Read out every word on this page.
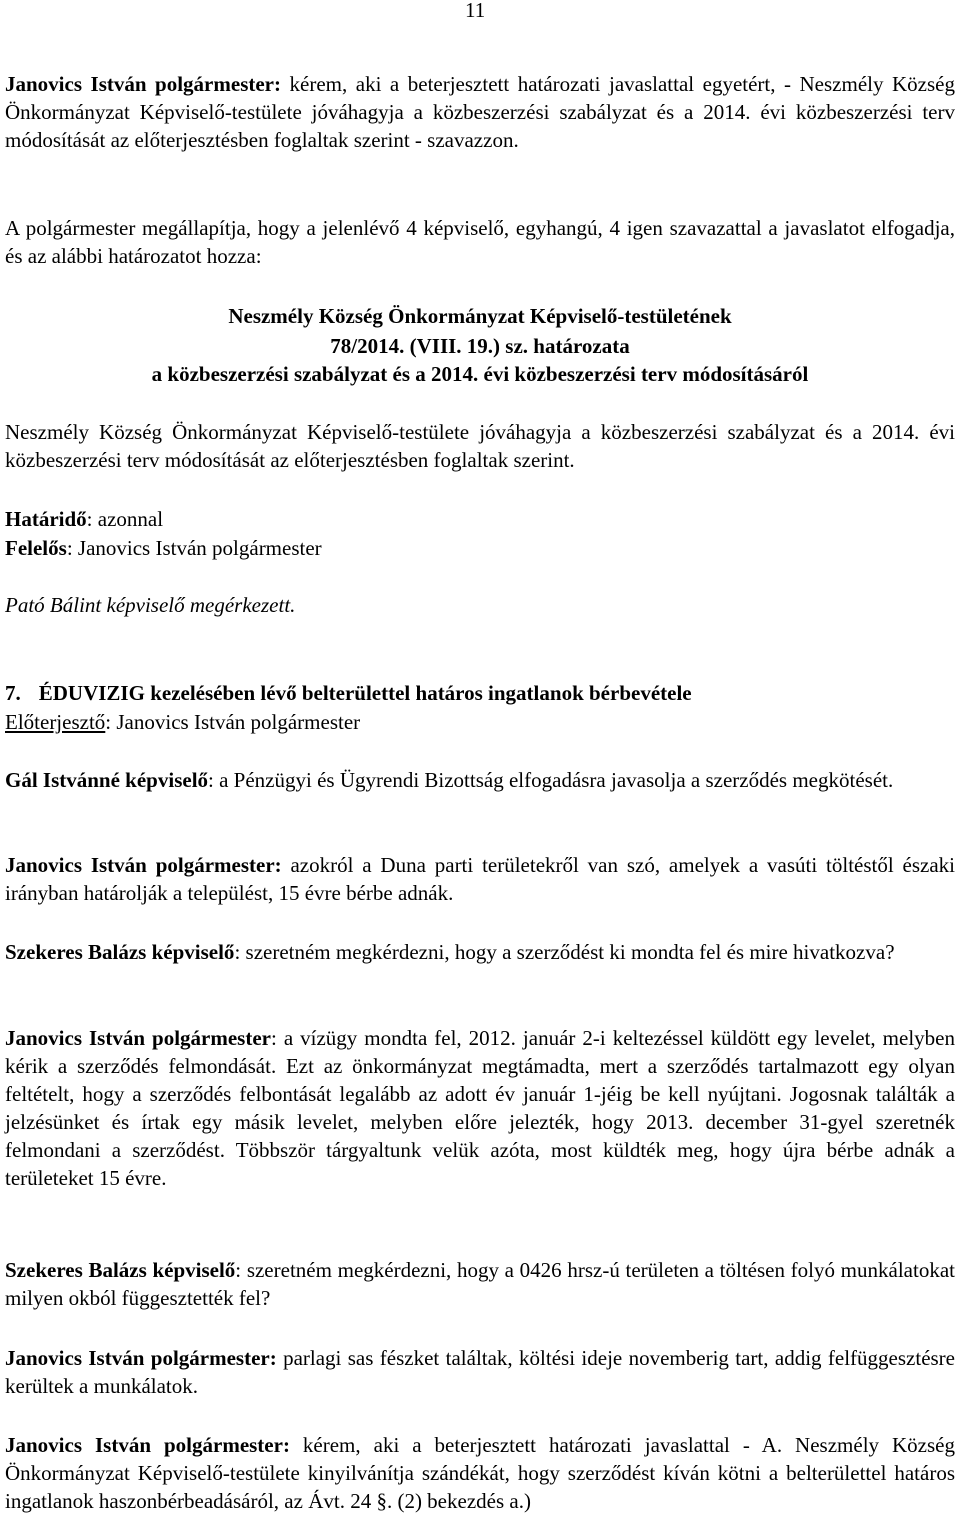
11

Janovics István polgármester: kérem, aki a beterjesztett határozati javaslattal egyetért, - Neszmély Község Önkormányzat Képviselő-testülete jóváhagyja a közbeszerzési szabályzat és a 2014. évi közbeszerzési terv módosítását az előterjesztésben foglaltak szerint - szavazzon.

A polgármester megállapítja, hogy a jelenlévő 4 képviselő, egyhangú, 4 igen szavazattal a javaslatot elfogadja, és az alábbi határozatot hozza:

Neszmély Község Önkormányzat Képviselő-testületének
78/2014. (VIII. 19.) sz. határozata
a közbeszerzési szabályzat és a 2014. évi közbeszerzési terv módosításáról

Neszmély Község Önkormányzat Képviselő-testülete jóváhagyja a közbeszerzési szabályzat és a 2014. évi közbeszerzési terv módosítását az előterjesztésben foglaltak szerint.

Határidő: azonnal
Felelős: Janovics István polgármester
Pató Bálint képviselő megérkezett.
7. ÉDUVIZIG kezelésében lévő belterülettel határos ingatlanok bérbevétele
Előterjesztő: Janovics István polgármester

Gál Istvánné képviselő: a Pénzügyi és Ügyrendi Bizottság elfogadásra javasolja a szerződés megkötését.

Janovics István polgármester: azokról a Duna parti területekről van szó, amelyek a vasúti töltéstől északi irányban határolják a települést, 15 évre bérbe adnák.

Szekeres Balázs képviselő: szeretném megkérdezni, hogy a szerződést ki mondta fel és mire hivatkozva?

Janovics István polgármester: a vízügy mondta fel, 2012. január 2-i keltezéssel küldött egy levelet, melyben kérik a szerződés felmondását. Ezt az önkormányzat megtámadta, mert a szerződés tartalmazott egy olyan feltételt, hogy a szerződés felbontását legalább az adott év január 1-jéig be kell nyújtani. Jogosnak találták a jelzésünket és írtak egy másik levelet, melyben előre jelezték, hogy 2013. december 31-gyel szeretnék felmondani a szerződést. Többször tárgyaltunk velük azóta, most küldték meg, hogy újra bérbe adnák a területeket 15 évre.

Szekeres Balázs képviselő: szeretném megkérdezni, hogy a 0426 hrsz-ú területen a töltésen folyó munkálatokat milyen okból függesztették fel?

Janovics István polgármester: parlagi sas fészket találtak, költési ideje novemberig tart, addig felfüggesztésre kerültek a munkálatok.

Janovics István polgármester: kérem, aki a beterjesztett határozati javaslattal - A. Neszmély Község Önkormányzat Képviselő-testülete kinyilvánítja szándékát, hogy szerződést kíván kötni a belterülettel határos ingatlanok haszonbérbeadásáról, az Ávt. 24 §. (2) bekezdés a.)
